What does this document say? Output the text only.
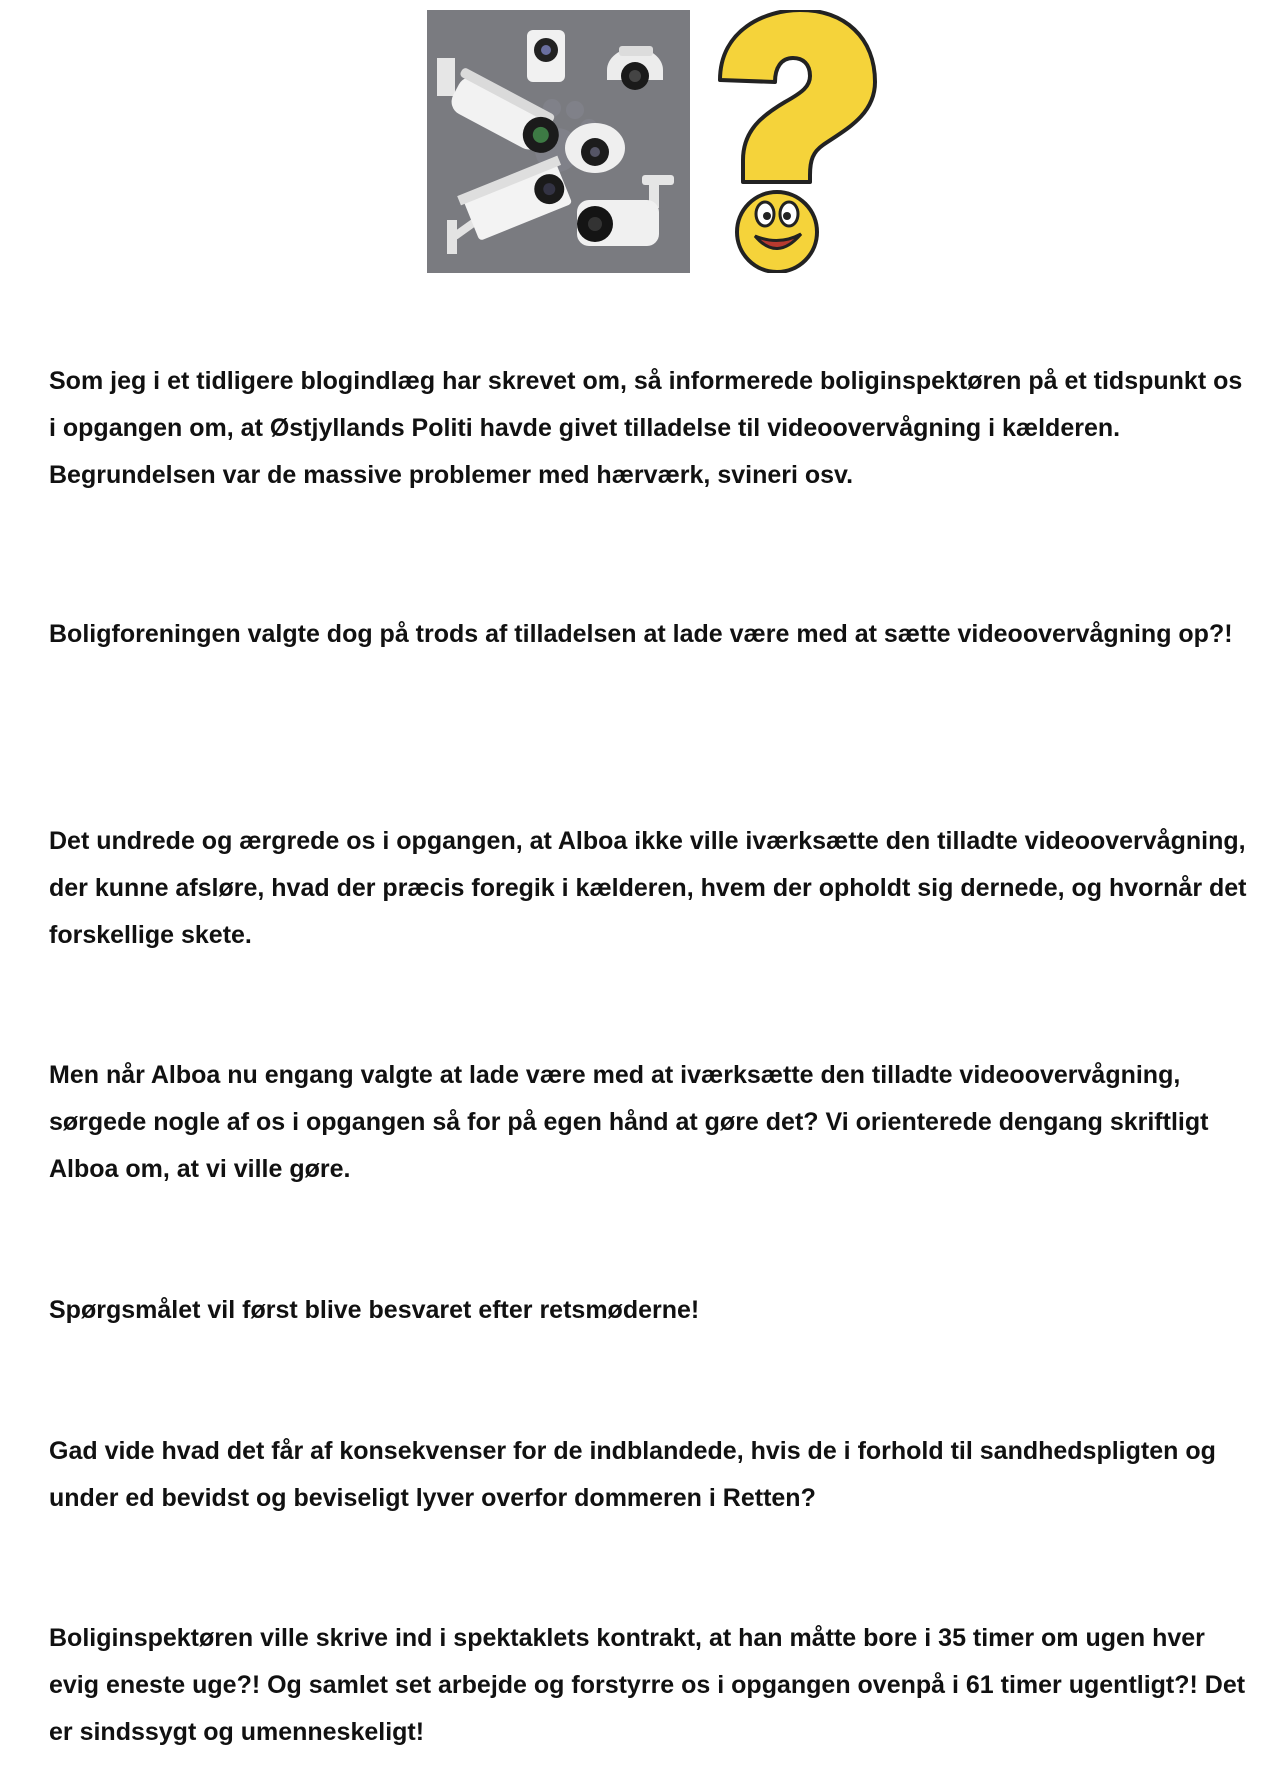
Som jeg i et tidligere blogindlæg har skrevet om, så informerede boliginspektøren på et tidspunkt os i opgangen om, at Østjyllands Politi havde givet tilladelse til videoovervågning i kælderen. Begrundelsen var de massive problemer med hærværk, svineri osv.

Boligforeningen valgte dog på trods af tilladelsen at lade være med at sætte videoovervågning op?!

Det undrede og ærgrede os i opgangen, at Alboa ikke ville iværksætte den tilladte videoovervågning, der kunne afsløre, hvad der præcis foregik i kælderen, hvem der opholdt sig dernede, og hvornår det forskellige skete.

Men når Alboa nu engang valgte at lade være med at iværksætte den tilladte videoovervågning, sørgede nogle af os i opgangen så for på egen hånd at gøre det? Vi orienterede dengang skriftligt Alboa om, at vi ville gøre.

Spørgsmålet vil først blive besvaret efter retsmøderne!

Gad vide hvad det får af konsekvenser for de indblandede, hvis de i forhold til sandhedspligten og under ed bevidst og beviseligt lyver overfor dommeren i Retten?

Boliginspektøren ville skrive ind i spektaklets kontrakt, at han måtte bore i 35 timer om ugen hver evig eneste uge?! Og samlet set arbejde og forstyrre os i opgangen ovenpå i 61 timer ugentligt?! Det er sindssygt og umenneskeligt!
